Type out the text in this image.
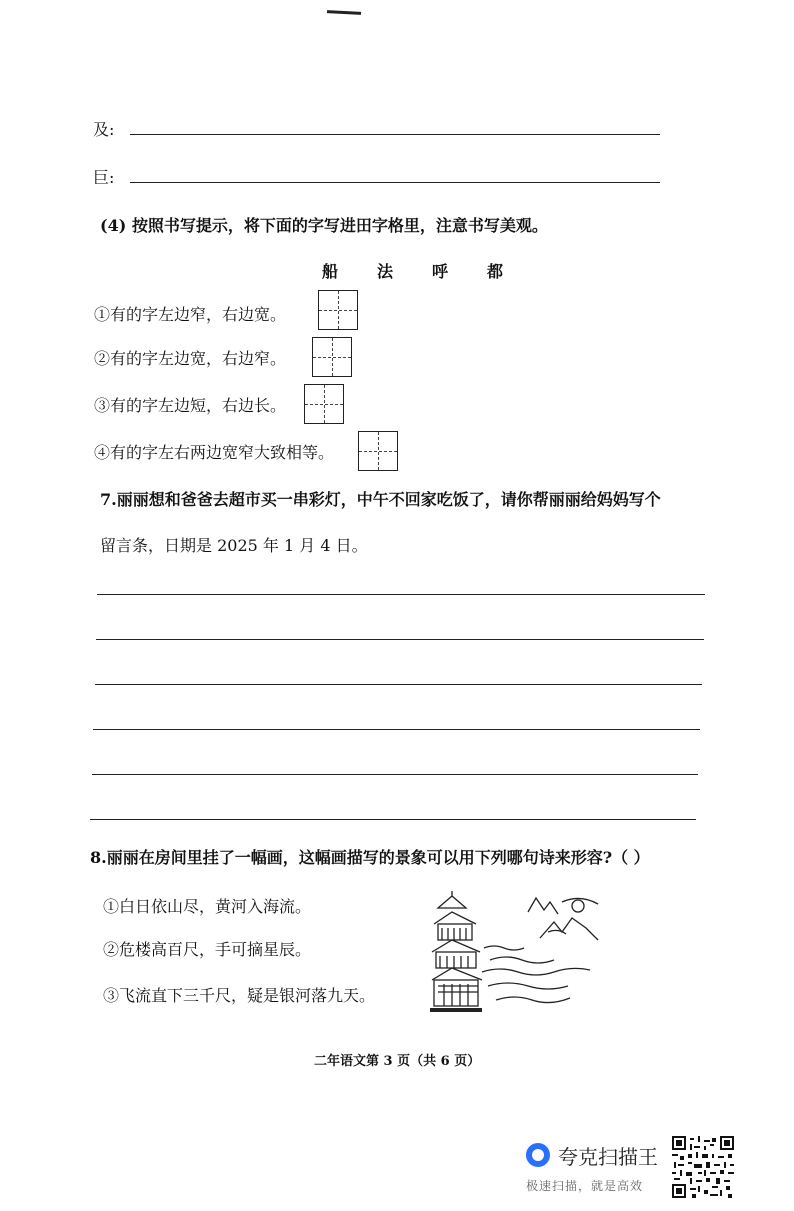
及:
巨:
(4) 按照书写提示，将下面的字写进田字格里，注意书写美观。
船 法 呼 都
①有的字左边窄，右边宽。
②有的字左边宽，右边窄。
③有的字左边短，右边长。
④有的字左右两边宽窄大致相等。
7.丽丽想和爸爸去超市买一串彩灯，中午不回家吃饭了，请你帮丽丽给妈妈写个
留言条，日期是 2025 年 1 月 4 日。
8.丽丽在房间里挂了一幅画，这幅画描写的景象可以用下列哪句诗来形容?（ ）
①白日依山尽，黄河入海流。
②危楼高百尺，手可摘星辰。
③飞流直下三千尺，疑是银河落九天。
二年语文第 3 页（共 6 页）
夸克扫描王
极速扫描，就是高效
